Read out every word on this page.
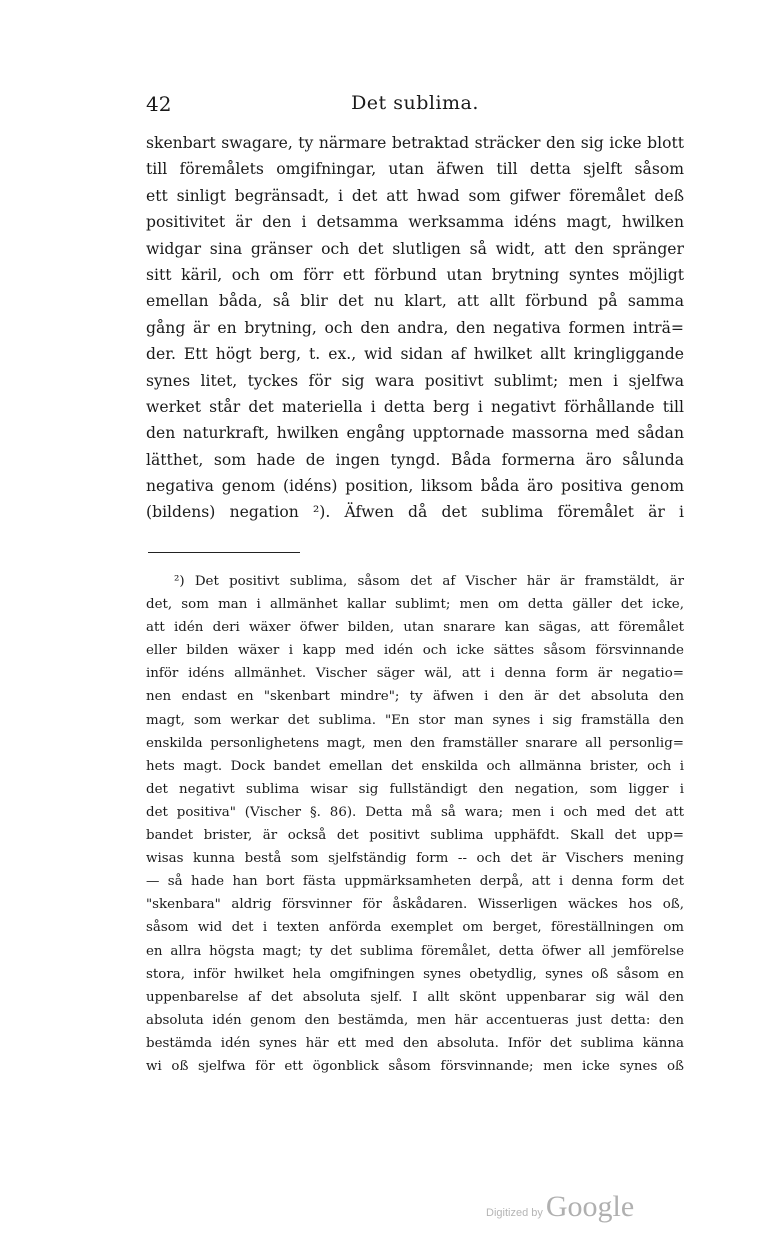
42	Det sublima.
skenbart swagare, ty närmare betraktad sträcker den sig icke blott
till föremålets omgifningar, utan äfwen till detta sjelft såsom
ett sinligt begränsadt, i det att hwad som gifwer föremålet deß
positivitet är den i detsamma werksamma idéns magt, hwilken
widgar sina gränser och det slutligen så widt, att den spränger
sitt käril, och om förr ett förbund utan brytning syntes möjligt
emellan båda, så blir det nu klart, att allt förbund på samma
gång är en brytning, och den andra, den negativa formen inträ=
der. Ett högt berg, t. ex., wid sidan af hwilket allt kringliggande
synes litet, tyckes för sig wara positivt sublimt; men i sjelfwa
werket står det materiella i detta berg i negativt förhållande till
den naturkraft, hwilken engång upptornade massorna med sådan
lätthet, som hade de ingen tyngd. Båda formerna äro sålunda
negativa genom (idéns) position, liksom båda äro positiva genom
(bildens) negation ²). Äfwen då det sublima föremålet är i
²) Det positivt sublima, såsom det af Vischer här är framstäldt, är
det, som man i allmänhet kallar sublimt; men om detta gäller det icke,
att idén deri wäxer öfwer bilden, utan snarare kan sägas, att föremålet
eller bilden wäxer i kapp med idén och icke sättes såsom försvinnande
inför idéns allmänhet. Vischer säger wäl, att i denna form är negatio=
nen endast en "skenbart mindre"; ty äfwen i den är det absoluta den
magt, som werkar det sublima. "En stor man synes i sig framställa den
enskilda personlighetens magt, men den framställer snarare all personlig=
hets magt. Dock bandet emellan det enskilda och allmänna brister, och i
det negativt sublima wisar sig fullständigt den negation, som ligger i
det positiva" (Vischer §. 86). Detta må så wara; men i och med det att
bandet brister, är också det positivt sublima upphäfdt. Skall det upp=
wisas kunna bestå som sjelfständig form -- och det är Vischers mening
— så hade han bort fästa uppmärksamheten derpå, att i denna form det
"skenbara" aldrig försvinner för åskådaren. Wisserligen wäckes hos oß,
såsom wid det i texten anförda exemplet om berget, föreställningen om
en allra högsta magt; ty det sublima föremålet, detta öfwer all jemförelse
stora, inför hwilket hela omgifningen synes obetydlig, synes oß såsom en
uppenbarelse af det absoluta sjelf. I allt skönt uppenbarar sig wäl den
absoluta idén genom den bestämda, men här accentueras just detta: den
bestämda idén synes här ett med den absoluta. Inför det sublima känna
wi oß sjelfwa för ett ögonblick såsom försvinnande; men icke synes oß
Digitized by Google
